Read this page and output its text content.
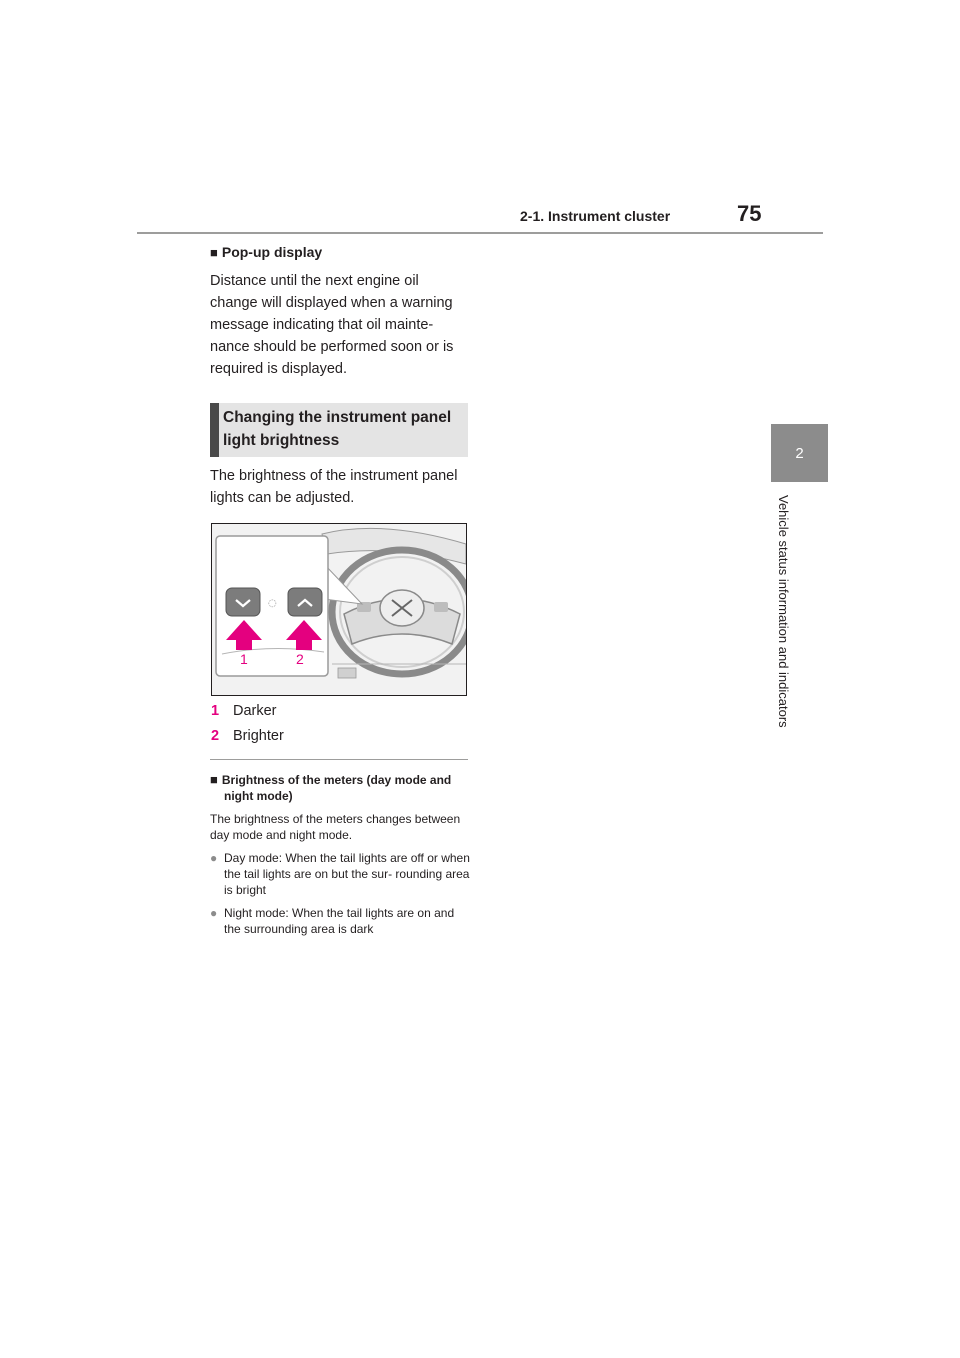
2-1. Instrument cluster	75
2
Vehicle status information and indicators
■ Pop-up display
Distance until the next engine oil change will displayed when a warning message indicating that oil mainte- nance should be performed soon or is required is displayed.
Changing the instrument panel light brightness
The brightness of the instrument panel lights can be adjusted.
◌
1	2
1 Darker
2 Brighter
■ Brightness of the meters (day mode and
night mode)
The brightness of the meters changes between day mode and night mode.
● Day mode: When the tail lights are off or when the tail lights are on but the sur- rounding area is bright
● Night mode: When the tail lights are on and the surrounding area is dark
